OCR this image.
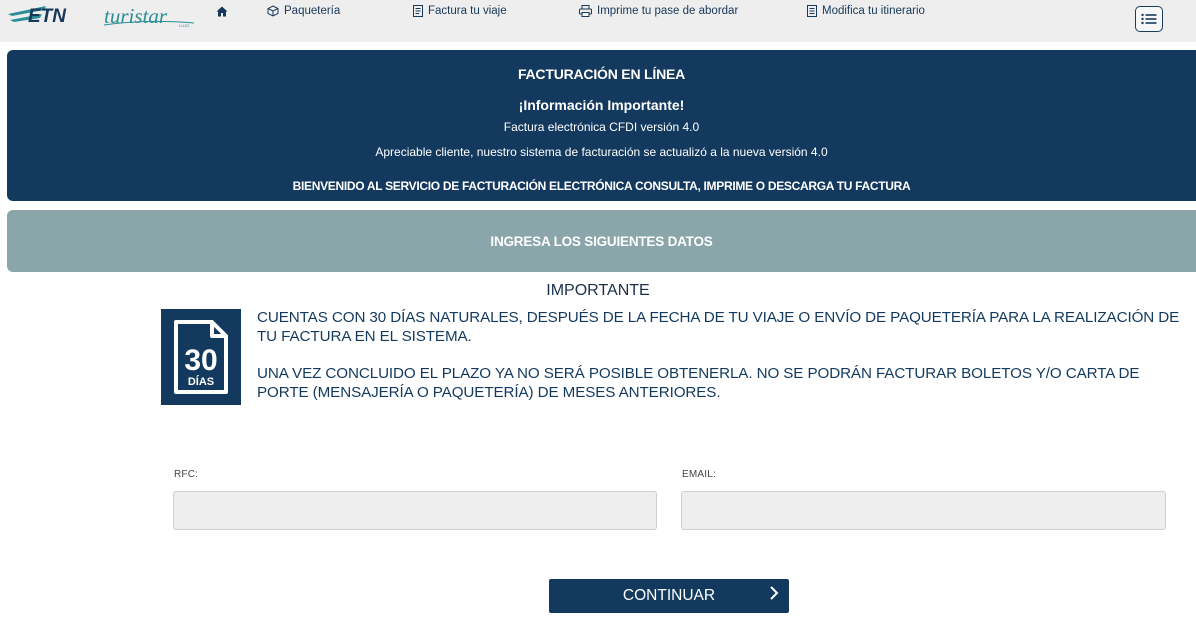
ETN turistar	LUJO
Paquetería	Factura tu viaje	Imprime tu pase de abordar	Modifica tu itinerario
FACTURACIÓN EN LÍNEA
¡Información Importante!
Factura electrónica CFDI versión 4.0
Apreciable cliente, nuestro sistema de facturación se actualizó a la nueva versión 4.0
BIENVENIDO AL SERVICIO DE FACTURACIÓN ELECTRÓNICA CONSULTA, IMPRIME O DESCARGA TU FACTURA
INGRESA LOS SIGUIENTES DATOS
IMPORTANTE
30
DÍAS

CUENTAS CON 30 DÍAS NATURALES, DESPUÉS DE LA FECHA DE TU VIAJE O ENVÍO DE PAQUETERÍA PARA LA REALIZACIÓN DE TU FACTURA EN EL SISTEMA.

UNA VEZ CONCLUIDO EL PLAZO YA NO SERÁ POSIBLE OBTENERLA. NO SE PODRÁN FACTURAR BOLETOS Y/O CARTA DE PORTE (MENSAJERÍA O PAQUETERÍA) DE MESES ANTERIORES.

RFC:	EMAIL:
CONTINUAR
